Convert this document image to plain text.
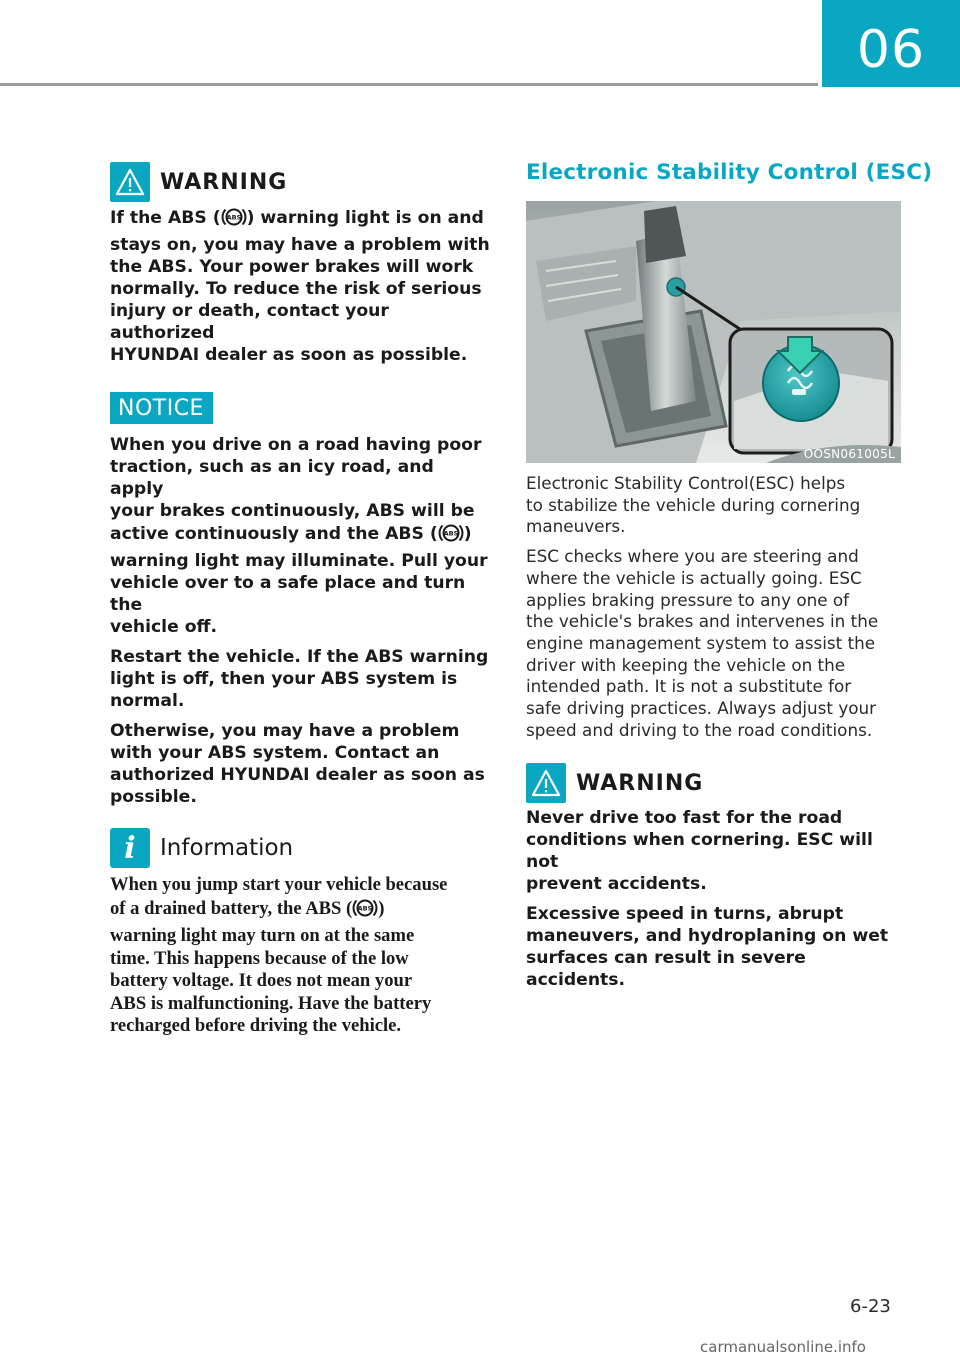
06
WARNING

If the ABS ( ABS ) warning light is on and
stays on, you may have a problem with
the ABS. Your power brakes will work
normally. To reduce the risk of serious
injury or death, contact your authorized
HYUNDAI dealer as soon as possible.

NOTICE

When you drive on a road having poor
traction, such as an icy road, and apply
your brakes continuously, ABS will be
active continuously and the ABS ( ABS )
warning light may illuminate. Pull your
vehicle over to a safe place and turn the
vehicle off.

Restart the vehicle. If the ABS warning
light is off, then your ABS system is
normal.

Otherwise, you may have a problem
with your ABS system. Contact an
authorized HYUNDAI dealer as soon as
possible.

i	Information
When you jump start your vehicle because
of a drained battery, the ABS ( ABS )
warning light may turn on at the same
time. This happens because of the low
battery voltage. It does not mean your
ABS is malfunctioning. Have the battery
recharged before driving the vehicle.
Electronic Stability Control (ESC)
OOSN061005L

Electronic Stability Control(ESC) helps
to stabilize the vehicle during cornering
maneuvers.

ESC checks where you are steering and
where the vehicle is actually going. ESC
applies braking pressure to any one of
the vehicle's brakes and intervenes in the
engine management system to assist the
driver with keeping the vehicle on the
intended path. It is not a substitute for
safe driving practices. Always adjust your
speed and driving to the road conditions.

WARNING

Never drive too fast for the road
conditions when cornering. ESC will not
prevent accidents.

Excessive speed in turns, abrupt
maneuvers, and hydroplaning on wet
surfaces can result in severe accidents.

6-23
carmanualsonline.info
